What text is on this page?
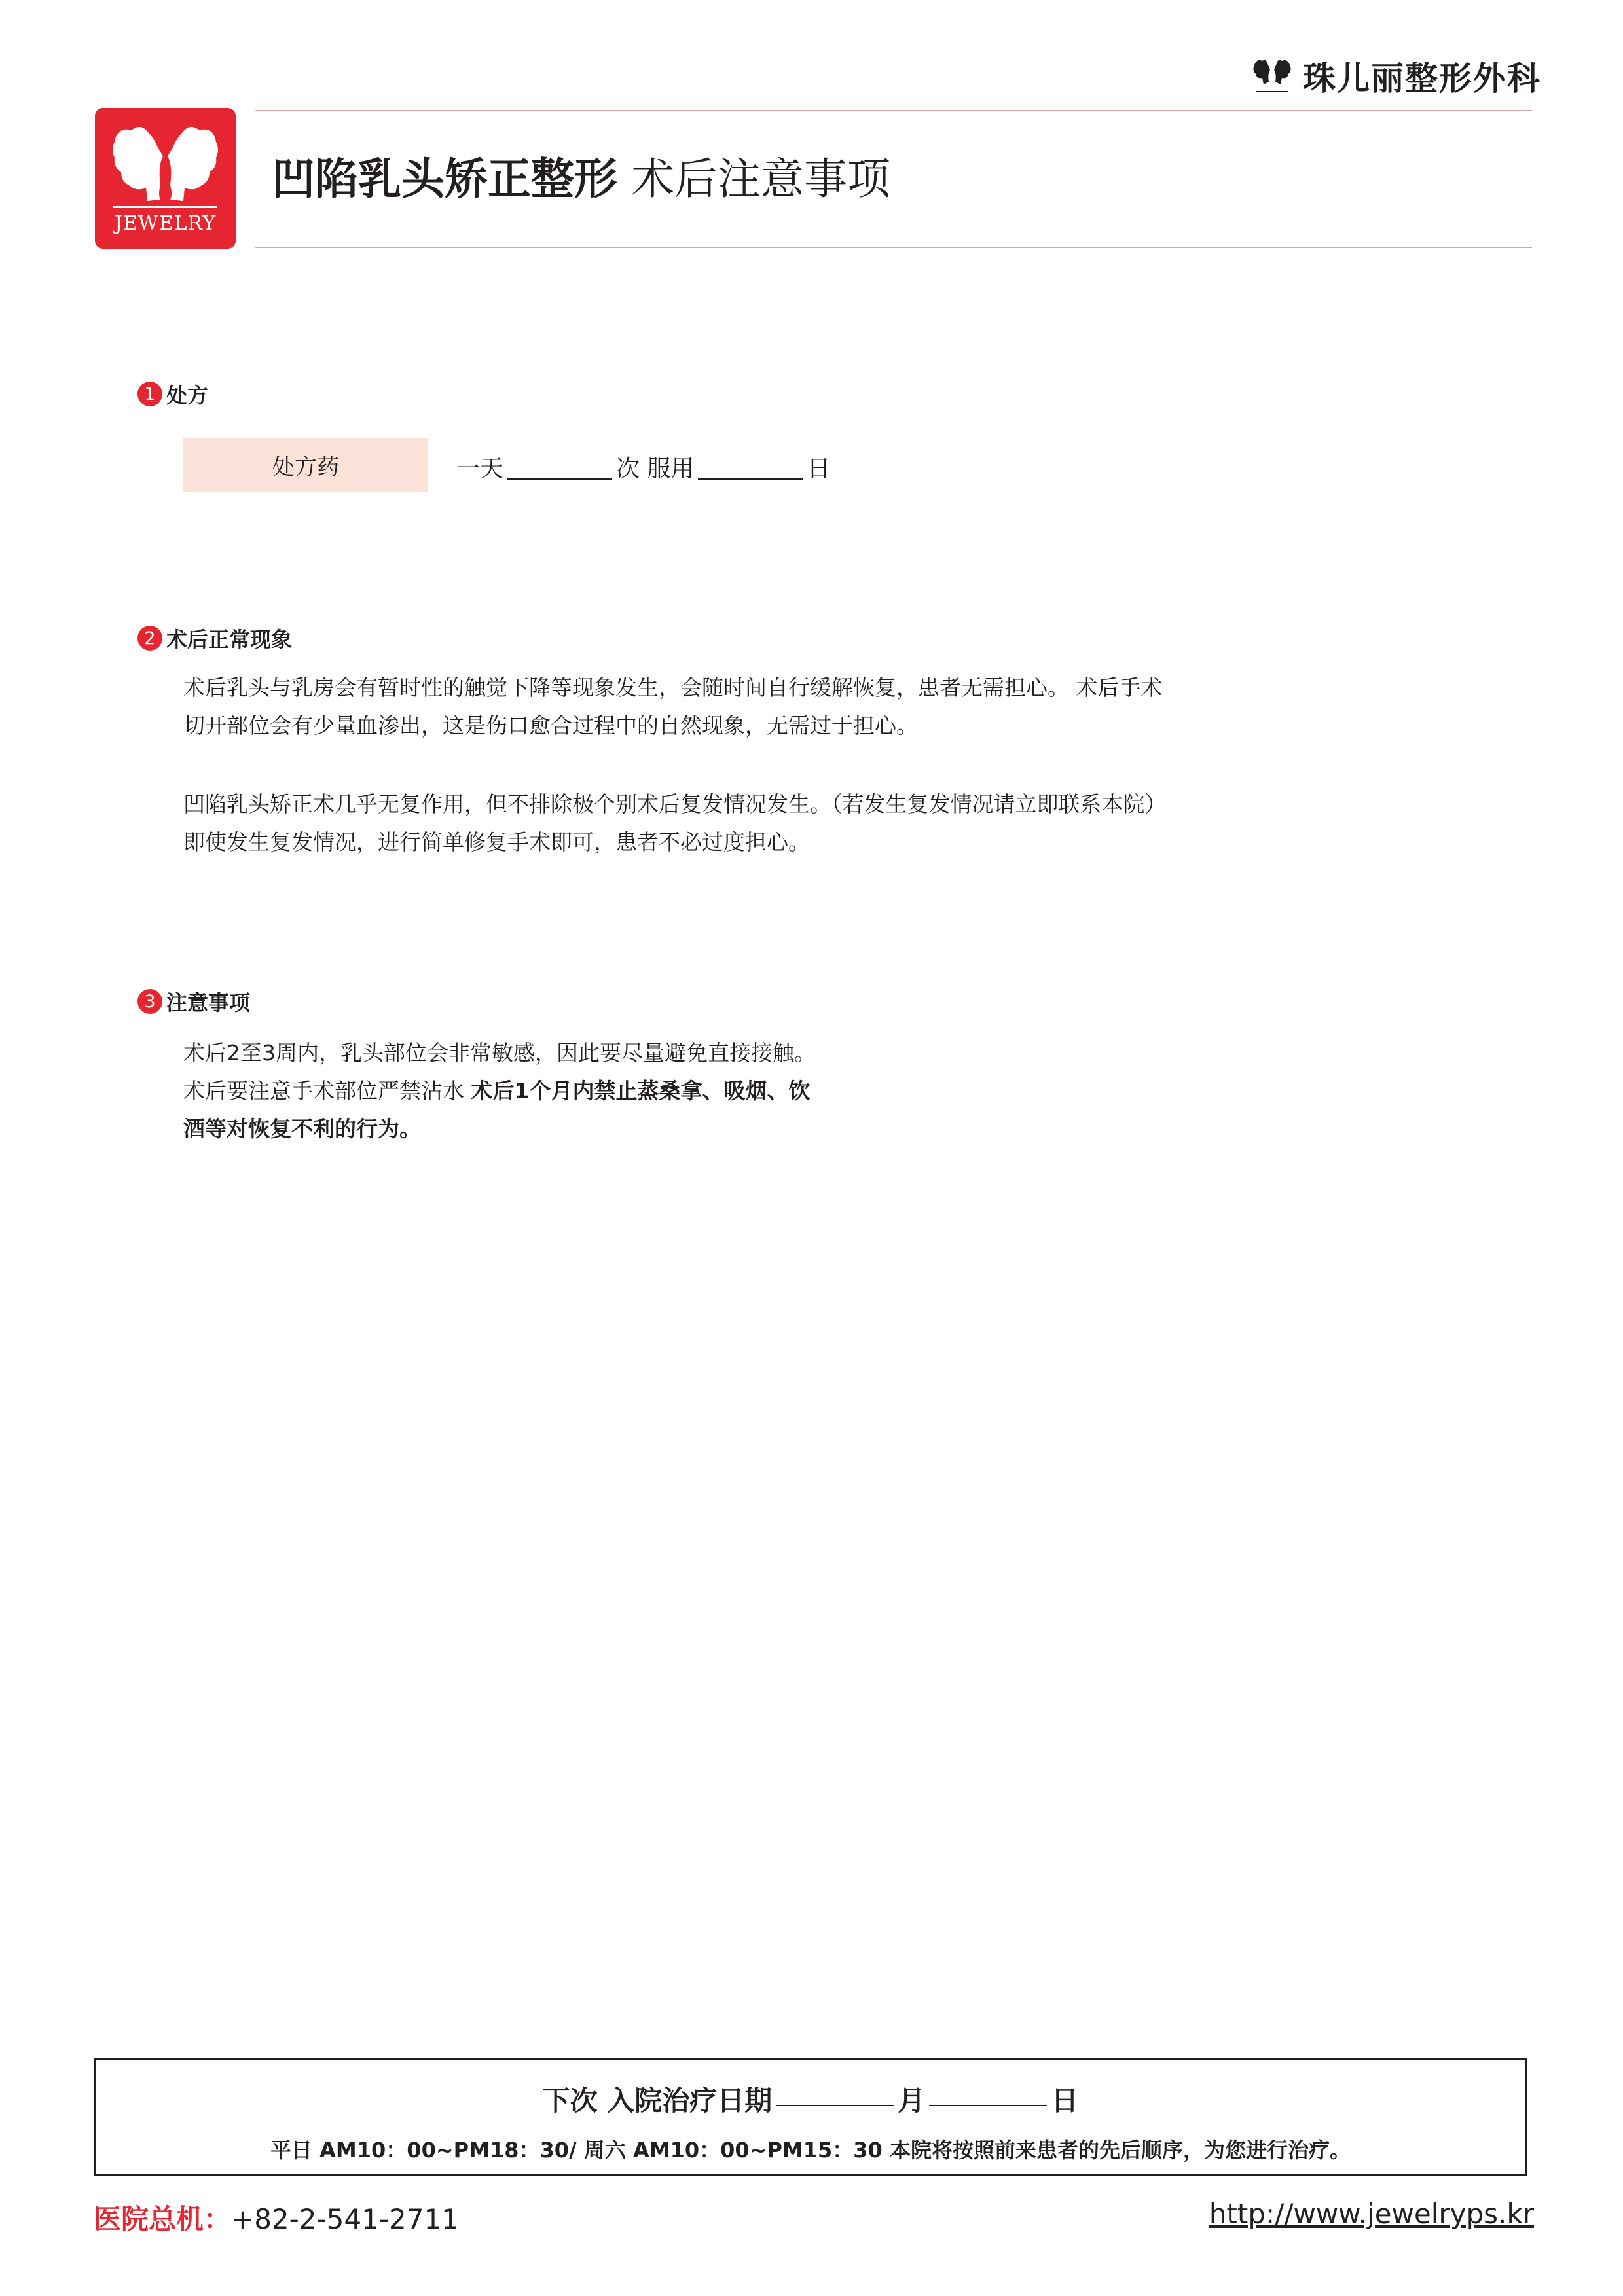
珠儿丽整形外科
JEWELRY
凹陷乳头矫正整形 术后注意事项
1 处方
处方药	一天	次 服用	日
2 术后正常现象
术后乳头与乳房会有暂时性的触觉下降等现象发生，会随时间自行缓解恢复，患者无需担心。 术后手术
切开部位会有少量血渗出，这是伤口愈合过程中的自然现象，无需过于担心。
凹陷乳头矫正术几乎无复作用，但不排除极个别术后复发情况发生。（若发生复发情况请立即联系本院）
即使发生复发情况，进行简单修复手术即可，患者不必过度担心。
3 注意事项
术后2至3周内，乳头部位会非常敏感，因此要尽量避免直接接触。
术后要注意手术部位严禁沾水 术后1个月内禁止蒸桑拿、吸烟、饮
酒等对恢复不利的行为。
下次 入院治疗日期	月	日
平日 AM10：00~PM18：30/ 周六 AM10：00~PM15：30 本院将按照前来患者的先后顺序，为您进行治疗。
医院总机：+82-2-541-2711	http://www.jewelryps.kr
